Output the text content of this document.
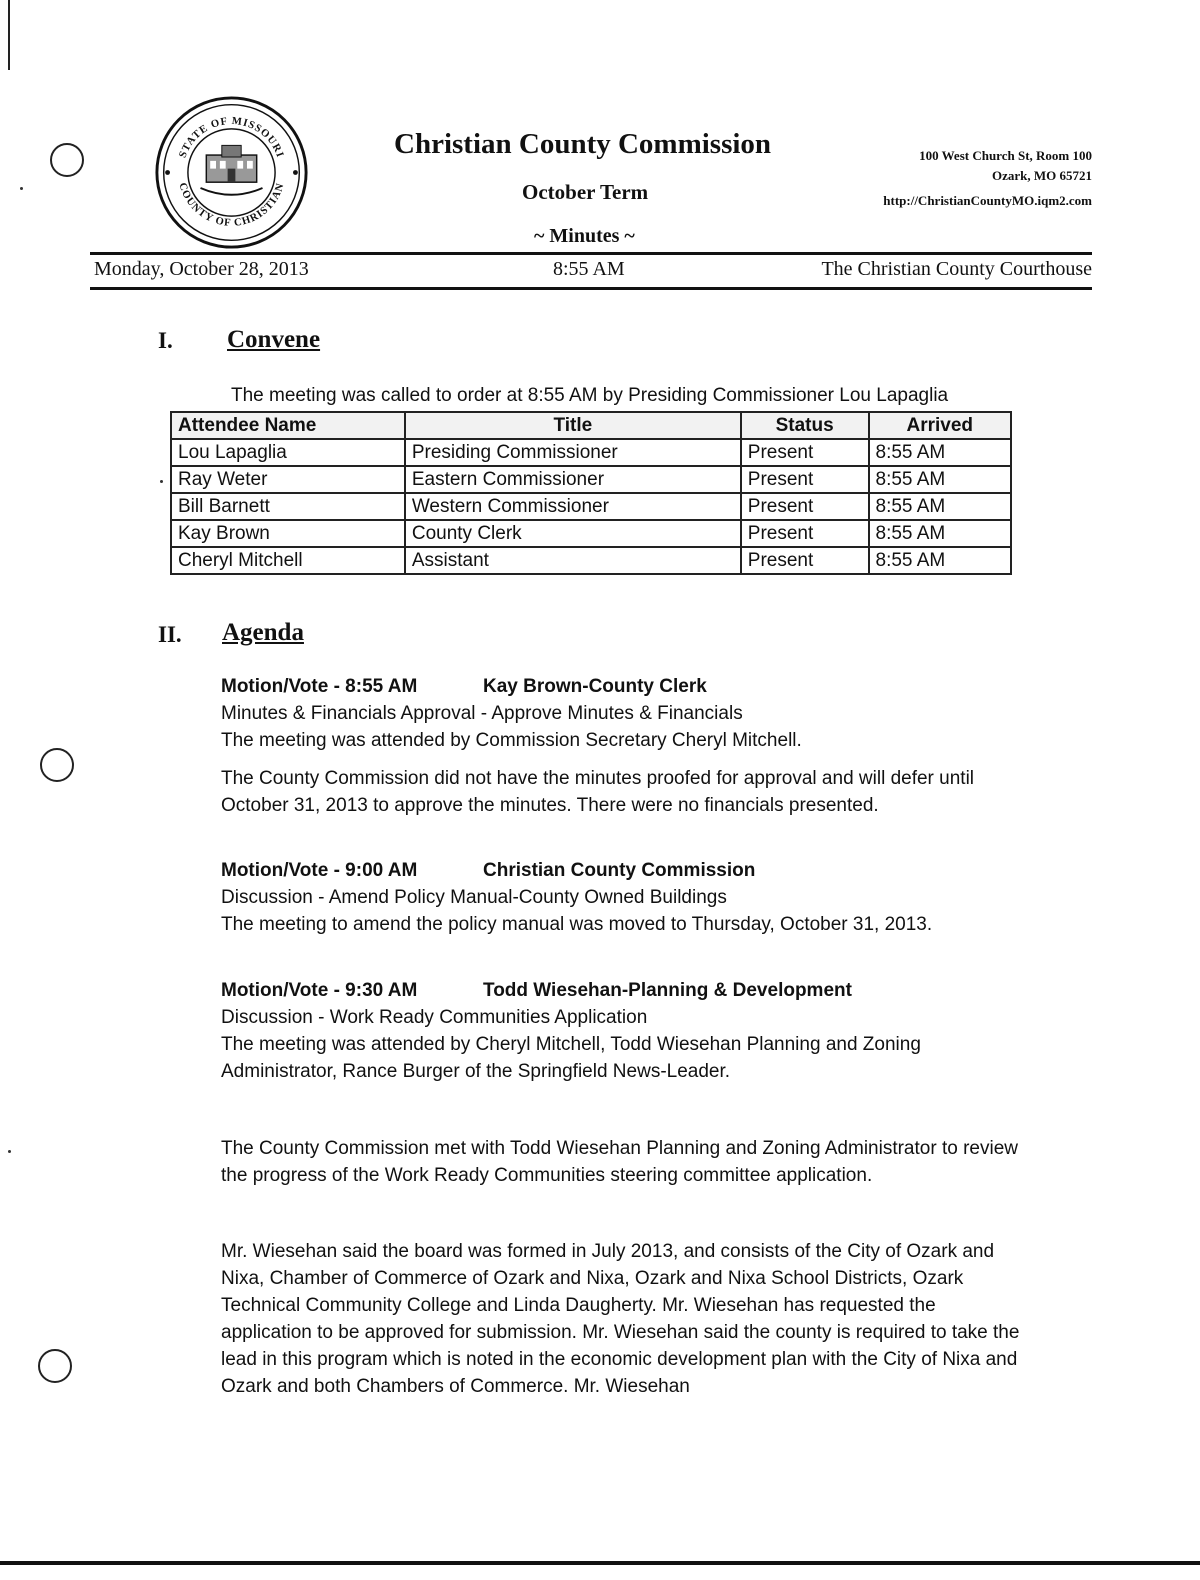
STATE OF MISSOURI
COUNTY OF CHRISTIAN
Christian County Commission
October Term
~ Minutes ~
100 West Church St, Room 100
Ozark, MO 65721
http://ChristianCountyMO.iqm2.com
Monday, October 28, 2013	8:55 AM	The Christian County Courthouse
I. Convene
The meeting was called to order at 8:55 AM by Presiding Commissioner Lou Lapaglia
Attendee Name	Title	Status	Arrived
Lou Lapaglia	Presiding Commissioner	Present	8:55 AM
Ray Weter	Eastern Commissioner	Present	8:55 AM
Bill Barnett	Western Commissioner	Present	8:55 AM
Kay Brown	County Clerk	Present	8:55 AM
Cheryl Mitchell	Assistant	Present	8:55 AM
II. Agenda
Motion/Vote - 8:55 AM	Kay Brown-County Clerk
Minutes & Financials Approval - Approve Minutes & Financials
The meeting was attended by Commission Secretary Cheryl Mitchell.
The County Commission did not have the minutes proofed for approval and will defer until October 31, 2013 to approve the minutes. There were no financials presented.
Motion/Vote - 9:00 AM	Christian County Commission
Discussion - Amend Policy Manual-County Owned Buildings
The meeting to amend the policy manual was moved to Thursday, October 31, 2013.
Motion/Vote - 9:30 AM	Todd Wiesehan-Planning & Development
Discussion - Work Ready Communities Application
The meeting was attended by Cheryl Mitchell, Todd Wiesehan Planning and Zoning Administrator, Rance Burger of the Springfield News-Leader.
The County Commission met with Todd Wiesehan Planning and Zoning Administrator to review the progress of the Work Ready Communities steering committee application.
Mr. Wiesehan said the board was formed in July 2013, and consists of the City of Ozark and Nixa, Chamber of Commerce of Ozark and Nixa, Ozark and Nixa School Districts, Ozark Technical Community College and Linda Daugherty. Mr. Wiesehan has requested the application to be approved for submission. Mr. Wiesehan said the county is required to take the lead in this program which is noted in the economic development plan with the City of Nixa and Ozark and both Chambers of Commerce. Mr. Wiesehan
